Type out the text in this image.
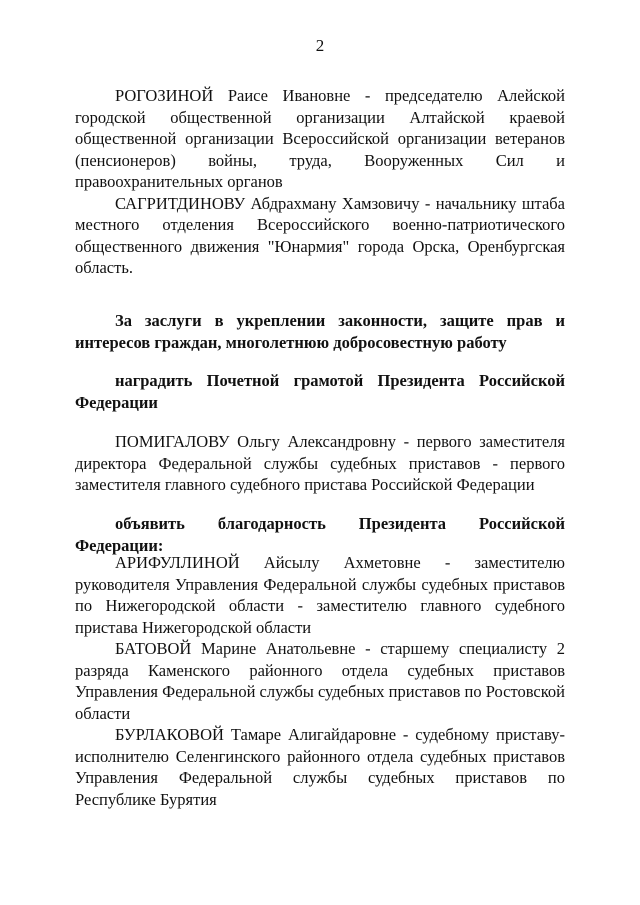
2

РОГОЗИНОЙ Раисе Ивановне - председателю Алейской городской общественной организации Алтайской краевой общественной организации Всероссийской организации ветеранов (пенсионеров) войны, труда, Вооруженных Сил и правоохранительных органов

САГРИТДИНОВУ Абдрахману Хамзовичу - начальнику штаба местного отделения Всероссийского военно-патриотического общественного движения "Юнармия" города Орска, Оренбургская область.

За заслуги в укреплении законности, защите прав и интересов граждан, многолетнюю добросовестную работу

наградить Почетной грамотой Президента Российской Федерации

ПОМИГАЛОВУ Ольгу Александровну - первого заместителя директора Федеральной службы судебных приставов - первого заместителя главного судебного пристава Российской Федерации

объявить благодарность Президента Российской Федерации:

АРИФУЛЛИНОЙ Айсылу Ахметовне - заместителю руководителя Управления Федеральной службы судебных приставов по Нижегородской области - заместителю главного судебного пристава Нижегородской области

БАТОВОЙ Марине Анатольевне - старшему специалисту 2 разряда Каменского районного отдела судебных приставов Управления Федеральной службы судебных приставов по Ростовской области

БУРЛАКОВОЙ Тамаре Алигайдаровне - судебному приставу-исполнителю Селенгинского районного отдела судебных приставов Управления Федеральной службы судебных приставов по Республике Бурятия
